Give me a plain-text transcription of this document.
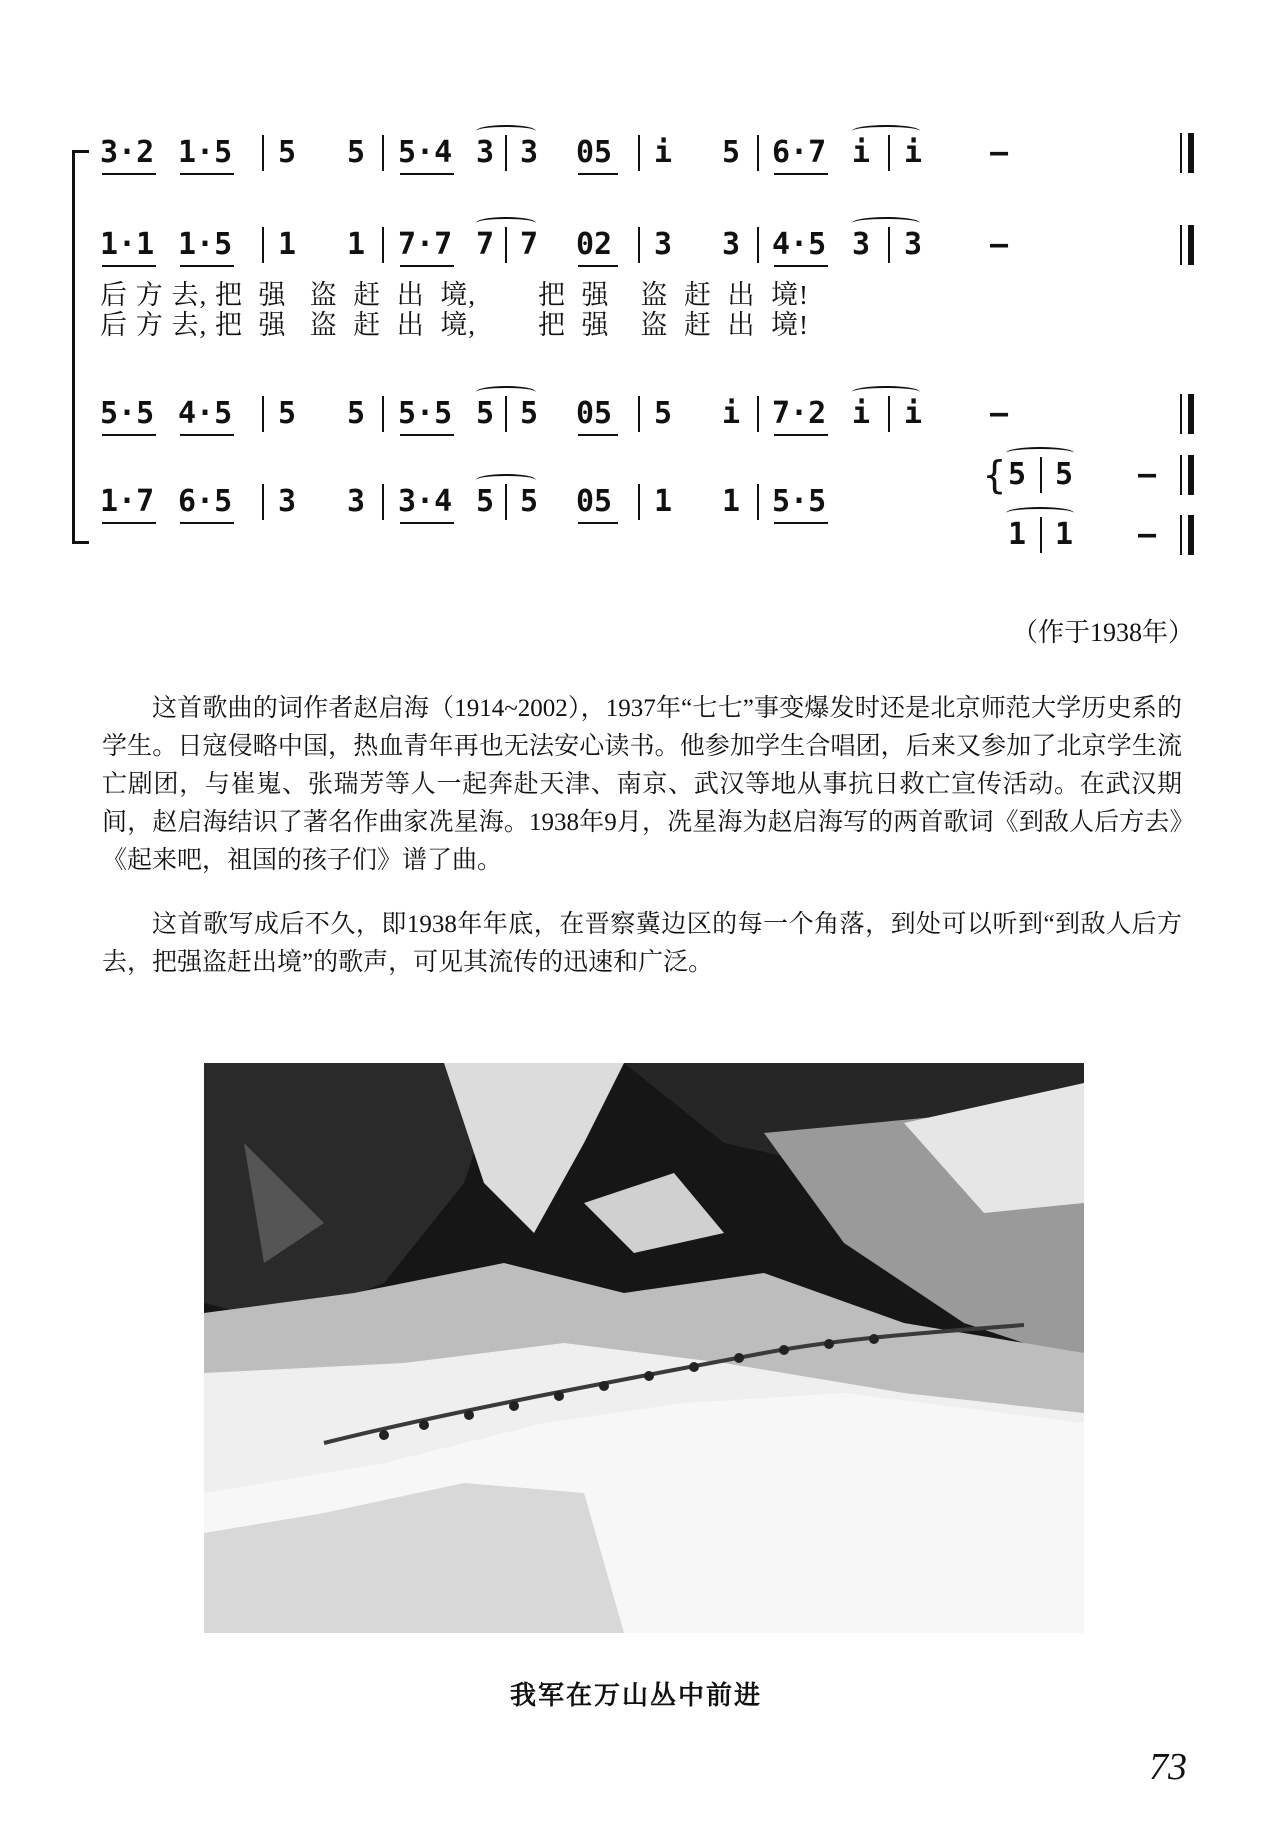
3·2 1·5 5 5 5·4 3 3 05 i 5 6·7 i i –
1·1 1·5 1 1 7·7 7 7 02 3 3 4·5 3 3 –
后 方 去, 把  强   盗  赶  出  境,        把  强    盗  赶  出  境!
后 方 去, 把  强   盗  赶  出  境,        把  强    盗  赶  出  境!
5·5 4·5 5 5 5·5 5 5 05 5 i 7·2 i i –
1·7 6·5 3 3 3·4 5 5 05 1 1 5·5
{ 5 5 –
1 1 –
（作于1938年）
这首歌曲的词作者赵启海（1914~2002），1937年“七七”事变爆发时还是北京师范大学历史系的学生。日寇侵略中国，热血青年再也无法安心读书。他参加学生合唱团，后来又参加了北京学生流亡剧团，与崔嵬、张瑞芳等人一起奔赴天津、南京、武汉等地从事抗日救亡宣传活动。在武汉期间，赵启海结识了著名作曲家冼星海。1938年9月，冼星海为赵启海写的两首歌词《到敌人后方去》《起来吧，祖国的孩子们》谱了曲。
这首歌写成后不久，即1938年年底，在晋察冀边区的每一个角落，到处可以听到“到敌人后方去，把强盗赶出境”的歌声，可见其流传的迅速和广泛。
我军在万山丛中前进
73
